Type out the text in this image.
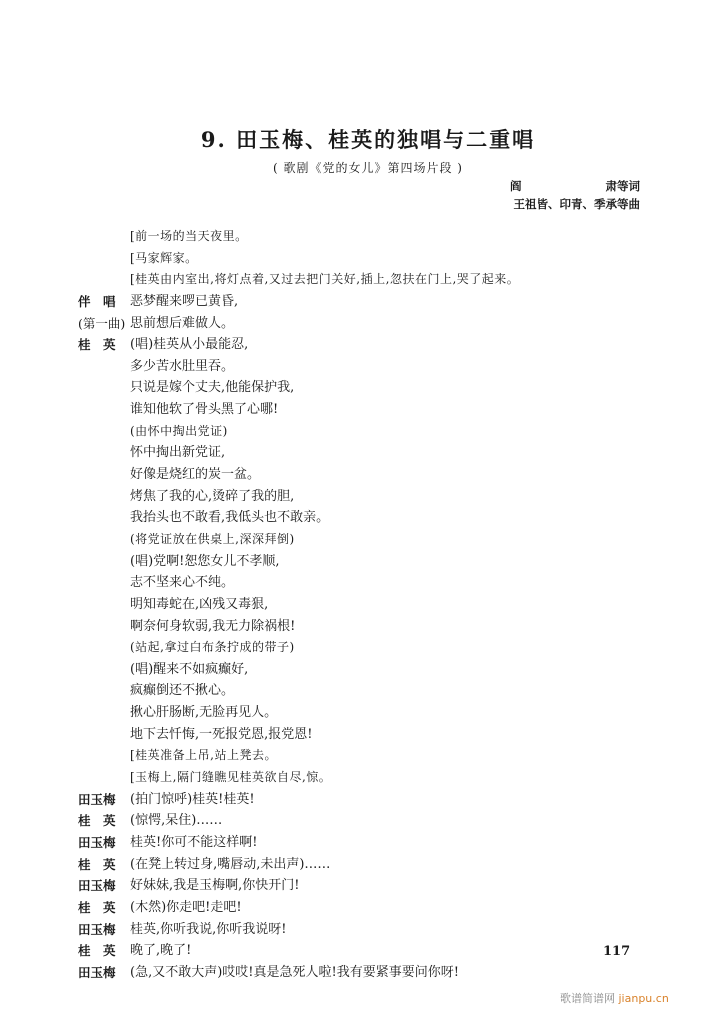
9. 田玉梅、桂英的独唱与二重唱
( 歌剧《党的女儿》第四场片段 )
阎	肃等词
王祖皆、印青、季承等曲
[前一场的当天夜里。
[马家辉家。
[桂英由内室出,将灯点着,又过去把门关好,插上,忽扶在门上,哭了起来。
伴　唱	恶梦醒来啰已黄昏,
(第一曲) 思前想后难做人。
桂　英	(唱)桂英从小最能忍,
多少苦水肚里吞。
只说是嫁个丈夫,他能保护我,
谁知他软了骨头黑了心哪!
(由怀中掏出党证)
怀中掏出新党证,
好像是烧红的炭一盆。
烤焦了我的心,烫碎了我的胆,
我抬头也不敢看,我低头也不敢亲。
(将党证放在供桌上,深深拜倒)
(唱)党啊!恕您女儿不孝顺,
志不坚来心不纯。
明知毒蛇在,凶残又毒狠,
啊奈何身软弱,我无力除祸根!
(站起,拿过白布条拧成的带子)
(唱)醒来不如疯癫好,
疯癫倒还不揪心。
揪心肝肠断,无脸再见人。
地下去忏悔,一死报党恩,报党恩!
[桂英准备上吊,站上凳去。
[玉梅上,隔门缝瞧见桂英欲自尽,惊。
田玉梅	(拍门惊呼)桂英!桂英!
桂　英	(惊愕,呆住)……
田玉梅	桂英!你可不能这样啊!
桂　英	(在凳上转过身,嘴唇动,未出声)……
田玉梅	好妹妹,我是玉梅啊,你快开门!
桂　英	(木然)你走吧!走吧!
田玉梅	桂英,你听我说,你听我说呀!
桂　英	晚了,晚了!
田玉梅	(急,又不敢大声)哎哎!真是急死人啦!我有要紧事要问你呀!
117
歌谱简谱网 jianpu.cn
